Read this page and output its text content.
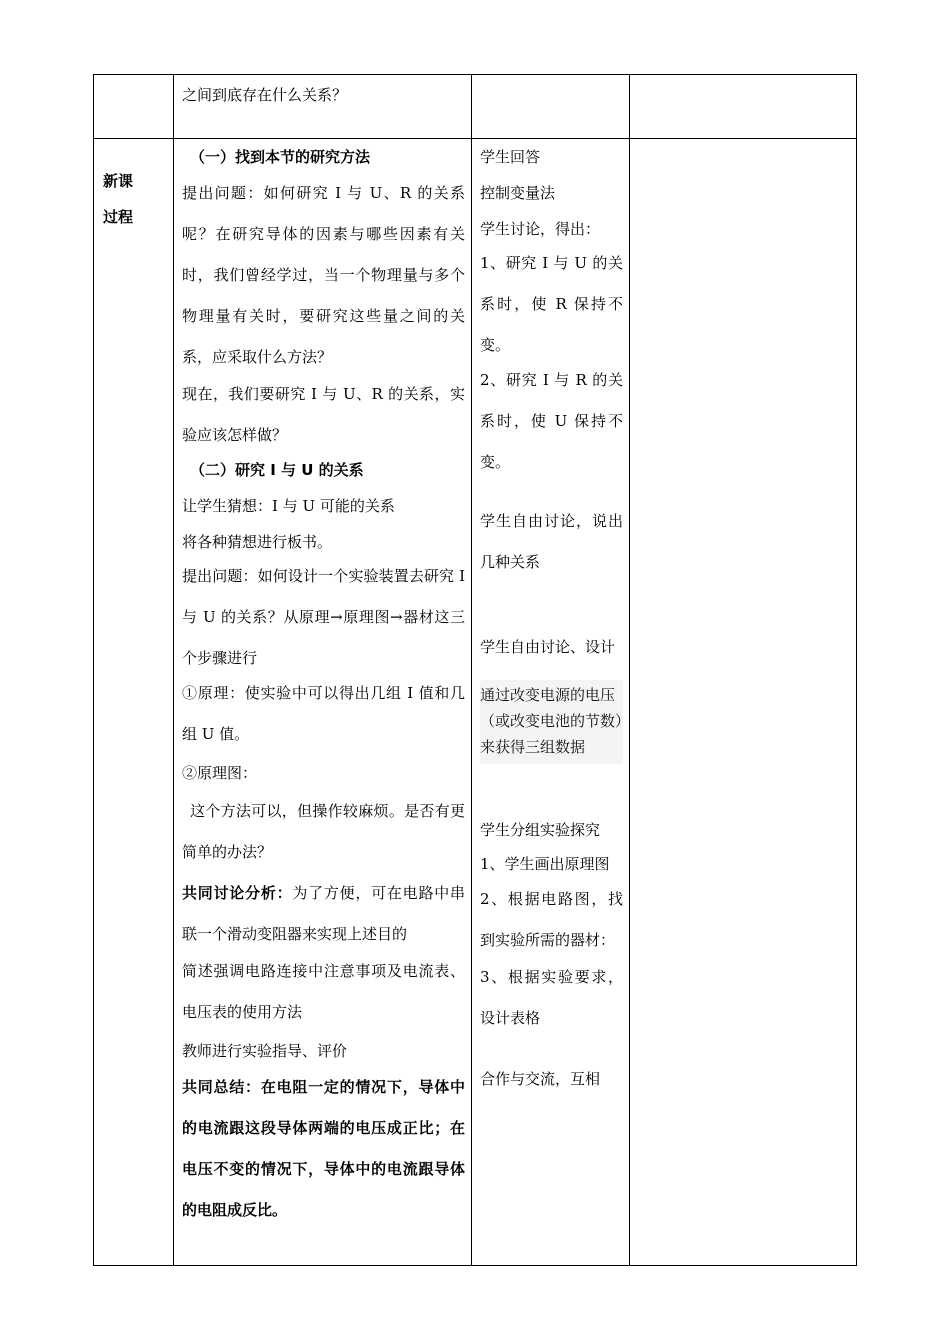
之间到底存在什么关系？

新课
过程

（一）找到本节的研究方法

提出问题：如何研究 I 与 U、R 的关系呢？在研究导体的因素与哪些因素有关时，我们曾经学过，当一个物理量与多个物理量有关时，要研究这些量之间的关系，应采取什么方法？

现在，我们要研究 I 与 U、R 的关系，实验应该怎样做？

（二）研究 I 与 U 的关系

让学生猜想：I 与 U 可能的关系

将各种猜想进行板书。

提出问题：如何设计一个实验装置去研究 I 与 U 的关系？从原理→原理图→器材这三个步骤进行

①原理：使实验中可以得出几组 I 值和几组 U 值。

②原理图：

这个方法可以，但操作较麻烦。是否有更简单的办法？

共同讨论分析：为了方便，可在电路中串联一个滑动变阻器来实现上述目的

简述强调电路连接中注意事项及电流表、电压表的使用方法

教师进行实验指导、评价

共同总结：在电阻一定的情况下，导体中的电流跟这段导体两端的电压成正比；在电压不变的情况下，导体中的电流跟导体的电阻成反比。

学生回答

控制变量法

学生讨论，得出：

1、研究 I 与 U 的关系时，使 R 保持不变。

2、研究 I 与 R 的关系时，使 U 保持不变。

学生自由讨论，说出几种关系

学生自由讨论、设计

通过改变电源的电压（或改变电池的节数）来获得三组数据

学生分组实验探究

1、学生画出原理图

2、根据电路图，找到实验所需的器材：

3、根据实验要求，设计表格

合作与交流，互相
